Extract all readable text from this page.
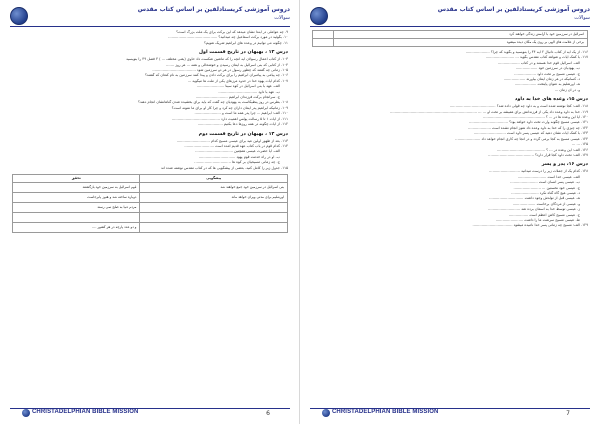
دروس آموزشی کریستادلفین بر اساس کتاب مقدس
سوالات
۹. چه عواملی در ابتدا نشان میدهد که این برکت برای یک ملت بزرگ است؟
۱۰. بگوئید در مورد برکت اسماعیل چه میدانید؟ ...........................................
۱۱. چگونه می توانیم در وعده های ابراهیم شریک شویم؟
درس ۱۳ ، بهیهان در تاریخ قسمت اول
۱۰۳. از کتاب اعمال رسولان آیه آنچه را که ماشین شکست داد حاوی (یعنی مختلف ... ) ۳ فصل ۳۹ را بنویسید
۱۰۴. از کتابی که بنی اسرائیل به ایمان رسیدن و خوشحالی و همه ... هر روز .......
۱۰۵. زمانی چه گفتند که چطور رسول در هر دو سرزمین شود ......................................
۱۰۶. چه پیامی به پیامبران ابراهیم را برای برکت دادن و پیدا کنند سرزمین به نام کنعان که گفتند؟
۱۰۷. کدام آیات یهوه خدا در حدود مرزهای یکی از ملت ها میگوید ...
الف. عهد با بنی اسرائیل در کوه سینا ........................
ب. عهد با داود ..................................
ج. سرانجام برکت فرزندان ابراهیم ............................
۱۰۸. بطرس در روز پنطیکاست به یهودیان چه گفت که باید برای بخشیده شدن گناهانشان انجام دهند؟
۱۰۹. زمانیکه ابراهیم پدر ایمان داران چه کرد و چرا کار او برای ما نمونه است؟
۱۱۰. الف: ابراهیم ... چرا پدر همه ما است و .......................
۱۱۱. از آیات ۱ تا ۵ رسالت پولس اهمیت دارد ..........................................
۱۱۲. از آیات چگونه در همه روزها دعا بکنیم ......................
درس ۱۴ ، بهیهان در تاریخ قسمت دوم
۱۱۳. بعد از ظهور اولین عید برای عیسی مسیح کدام .............................
۱۱۴. کدام قوم در باب کتاب عهد قدیم آمده است ..........................
الف. آیا حضرت عیسی همچنین .................................
ب. او در راه خدمت قوم یهود ................................
ج. چه زمانی مسیحیان بر کوه ها ................................
۱۱۵. جدول زیر را کامل کنید. بعضی از پیشگویی ها که در کتاب مقدس نوشته شده اند
پیشگویی	تحقق
بنی اسرائیل در سرزمین خود جمع خواهند شد	قوم اسرائیل به سرزمین خود بازگشتند
اورشلیم برای مدتی ویران خواهد ماند	دوباره ساخته شد و هنوز پابرجاست
	مردم دنیا به صلح نمی رسند

	و دو عدد پارچه در هر کشور ....
CHRISTADELPHIAN BIBLE MISSION	6
دروس آموزشی کریستادلفین بر اساس کتاب مقدس
سوالات
اسرائیل در سرزمین خود با آرامش زندگی خواهند کرد	
برخی از علامت های الهی بر روی یک مکان دیده میشود	
۱۱۶. از یک آیه از کتاب دانیال ۲ آیه ۴۴ را بنویسید و بگوید که چرا؟ .....................
۱۱۷. با کمک آیات و شواهد کتاب مقدس بگوید ... .........................
الف. اسرائیل قوم خدا هستند و در کتاب ...................
ب. یهودیان در سرزمین خود ...................
ج. عیسی مسیح بر تخت داود ...................
د. کسانیکه در هر زمان ایمان بیاورند ...................
هـ. اورشلیم به عنوان پایتخت ...................
و. در آن زمان ...
درس ۱۵، وعده های خدا به داود
۱۱۸. الف: کجا نوشته شده است و به داود چه قولی داده شد؟ ........................................
۱۱۹. خدا به داود وعده داد یکی از فرزندانش برای همیشه بر تخت او ... ... ............................................................................
۱۲۰. آیا این وعده ها در ... ؟ ......................................................
۱۲۱. عیسی مسیح چگونه وارث تخت داود خواهد بود؟ ..................................
۱۲۲. چه چیزی را که خدا به داود وعده داد هنوز انجام نشده است ....................
۱۲۳. با کمک آیات نشان دهید که عیسی پسر داود است ............................
۱۲۴. عیسی مسیح به کجا برمی گردد و در آنجا چه کاری انجام خواهد داد ......................
۱۲۵. ... ...
۱۲۶. الف: این وعده در ... ؟ ..........................................
۱۲۷. الف: تخت داود کجا قرار دارد؟ ........................................
درس ۱۶، پدر و پسر
۱۲۸. کدام یک از جملات زیر را درست میدانید ...........................
الف. عیسی خدا است .........................
ب. عیسی پسر انسان است ........................
ج. عیسی خود نخستین ... ........................
د. عیسی هیچ گاه گناه نکرد ........................
هـ. عیسی قبل از تولدش وجود داشت ..............................
و. عیسی از مردگان برخاست ....................
ز. عیسی توسط خدا به آسمان برده شد ............................
ح. عیسی مسیح کاهن اعظم است .................
ط. عیسی مسیح سرشت ما را داشت ........................
۱۲۹. الف: مسیح چه زمانی پسر خدا نامیده میشود ...................................
CHRISTADELPHIAN BIBLE MISSION	7
